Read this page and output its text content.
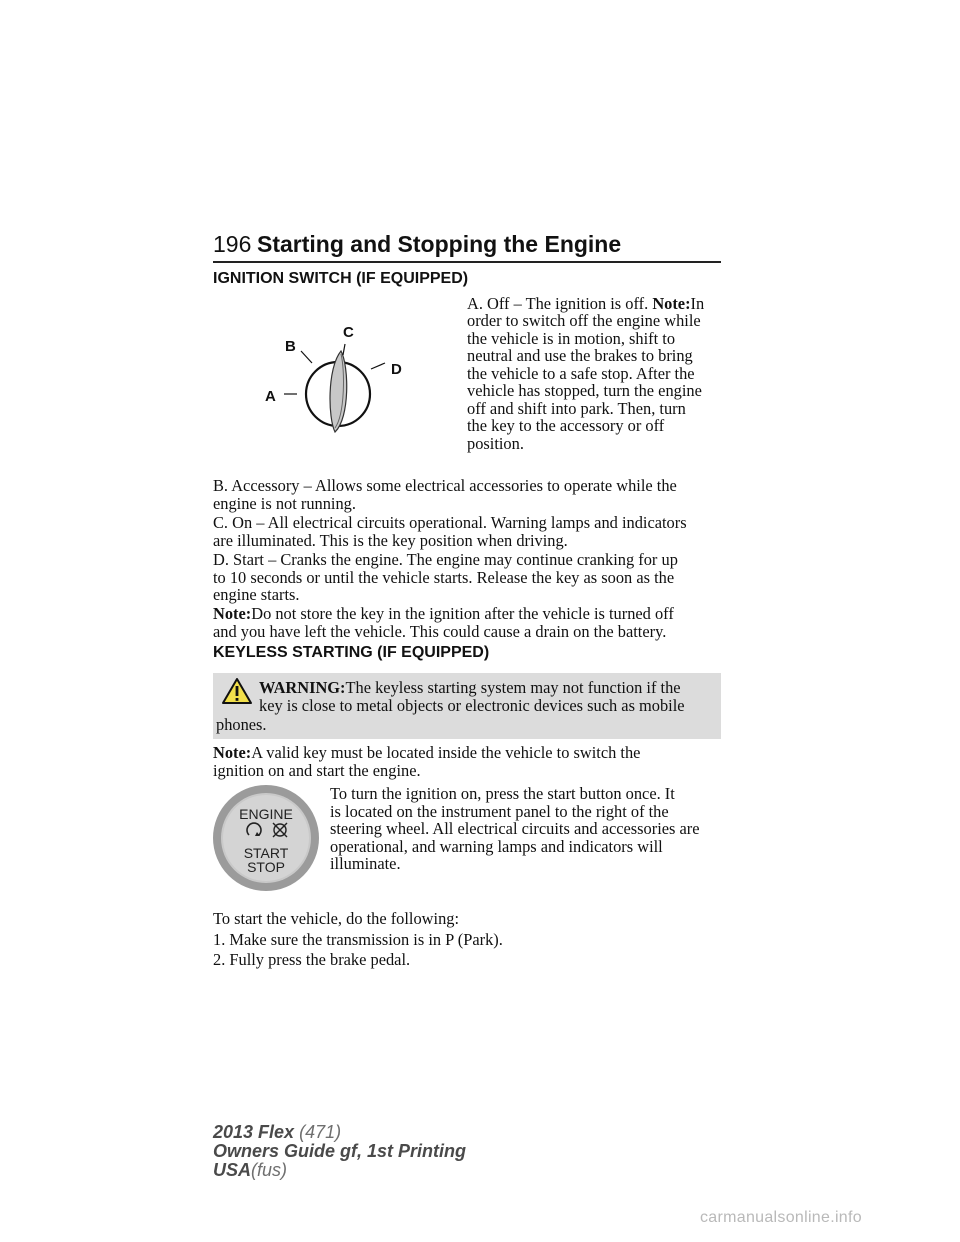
196 Starting and Stopping the Engine
IGNITION SWITCH (IF EQUIPPED)
A
B
C
D
A. Off – The ignition is off. Note:In
order to switch off the engine while
the vehicle is in motion, shift to
neutral and use the brakes to bring
the vehicle to a safe stop. After the
vehicle has stopped, turn the engine
off and shift into park. Then, turn
the key to the accessory or off
position.
B. Accessory – Allows some electrical accessories to operate while the
engine is not running.
C. On – All electrical circuits operational. Warning lamps and indicators
are illuminated. This is the key position when driving.
D. Start – Cranks the engine. The engine may continue cranking for up
to 10 seconds or until the vehicle starts. Release the key as soon as the
engine starts.
Note:Do not store the key in the ignition after the vehicle is turned off
and you have left the vehicle. This could cause a drain on the battery.
KEYLESS STARTING (IF EQUIPPED)
WARNING:The keyless starting system may not function if the
key is close to metal objects or electronic devices such as mobile
phones.
Note:A valid key must be located inside the vehicle to switch the
ignition on and start the engine.
ENGINE
START
STOP
To turn the ignition on, press the start button once. It
is located on the instrument panel to the right of the
steering wheel. All electrical circuits and accessories are
operational, and warning lamps and indicators will
illuminate.
To start the vehicle, do the following:
1. Make sure the transmission is in P (Park).
2. Fully press the brake pedal.
2013 Flex (471)
Owners Guide gf, 1st Printing
USA(fus)
carmanualsonline.info
